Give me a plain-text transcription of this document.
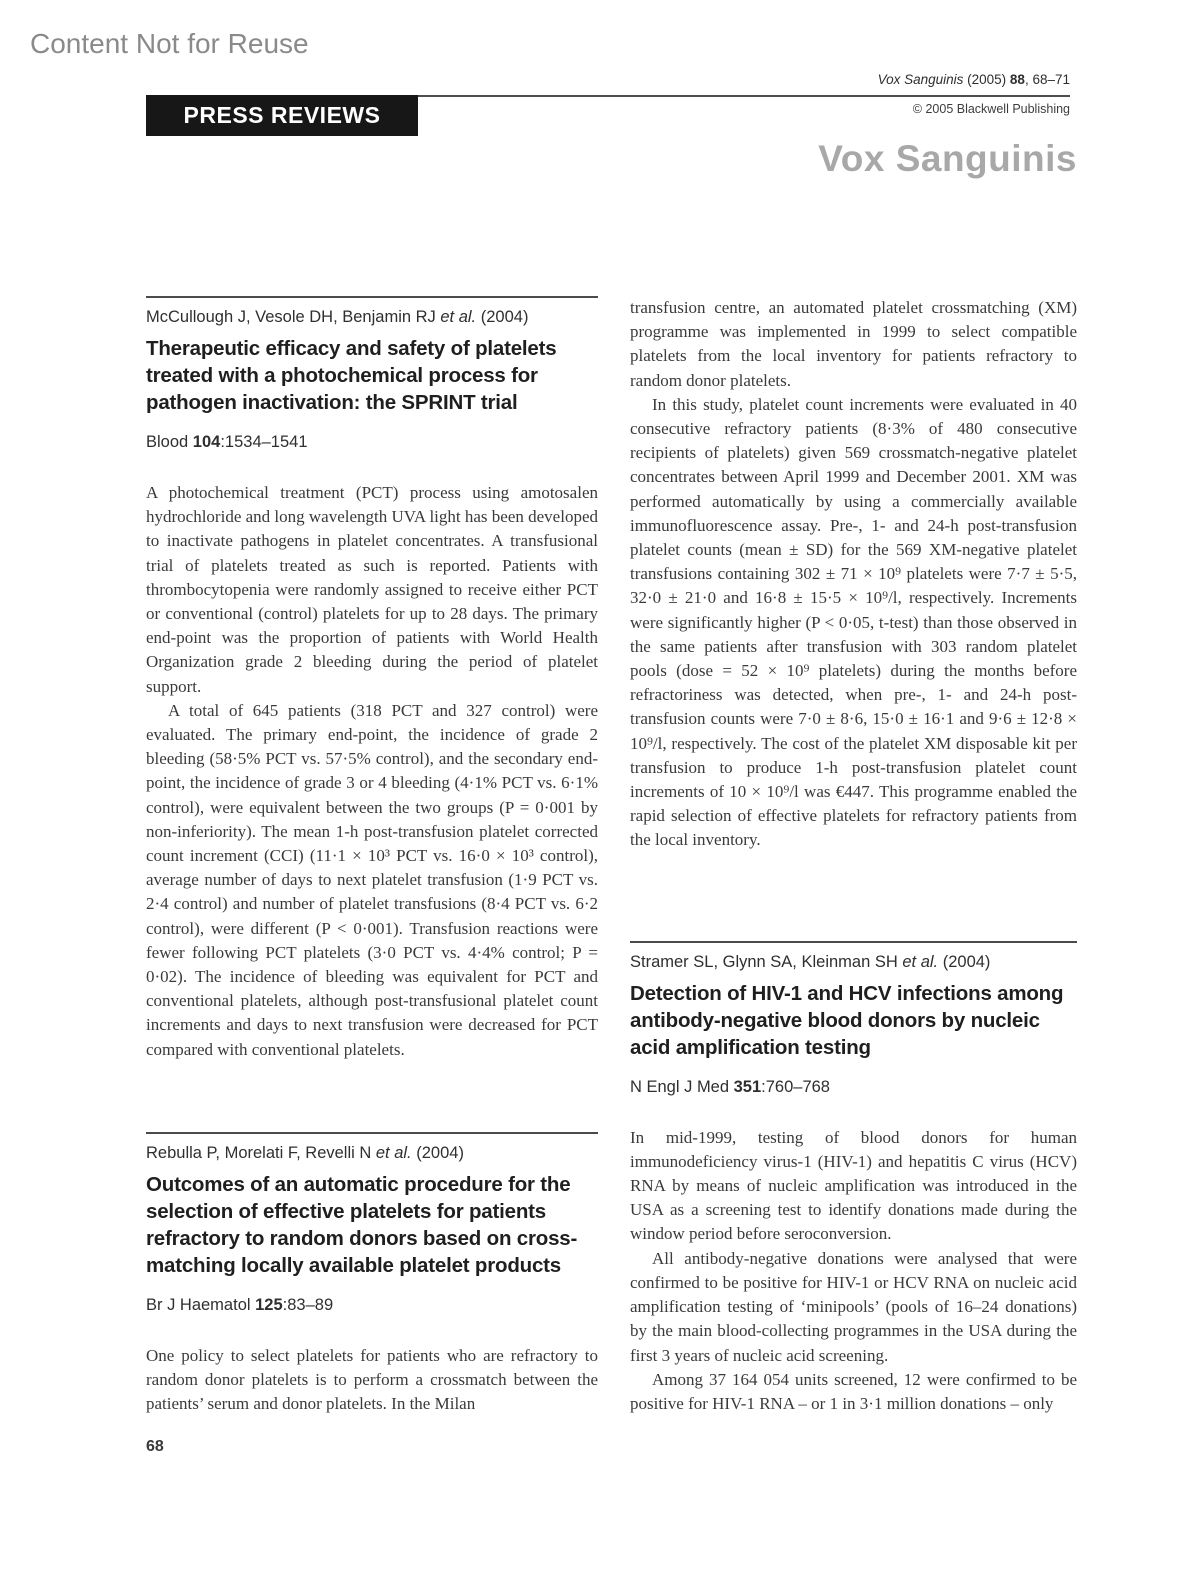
Content Not for Reuse
Vox Sanguinis (2005) 88, 68–71
PRESS REVIEWS	© 2005 Blackwell Publishing
Vox Sanguinis
McCullough J, Vesole DH, Benjamin RJ et al. (2004)
Therapeutic efficacy and safety of platelets treated with a photochemical process for pathogen inactivation: the SPRINT trial
Blood 104:1534–1541

A photochemical treatment (PCT) process using amotosalen hydrochloride and long wavelength UVA light has been developed to inactivate pathogens in platelet concentrates. A transfusional trial of platelets treated as such is reported. Patients with thrombocytopenia were randomly assigned to receive either PCT or conventional (control) platelets for up to 28 days. The primary end-point was the proportion of patients with World Health Organization grade 2 bleeding during the period of platelet support.

A total of 645 patients (318 PCT and 327 control) were evaluated. The primary end-point, the incidence of grade 2 bleeding (58·5% PCT vs. 57·5% control), and the secondary end-point, the incidence of grade 3 or 4 bleeding (4·1% PCT vs. 6·1% control), were equivalent between the two groups (P = 0·001 by non-inferiority). The mean 1-h post-transfusion platelet corrected count increment (CCI) (11·1 × 10³ PCT vs. 16·0 × 10³ control), average number of days to next platelet transfusion (1·9 PCT vs. 2·4 control) and number of platelet transfusions (8·4 PCT vs. 6·2 control), were different (P < 0·001). Transfusion reactions were fewer following PCT platelets (3·0 PCT vs. 4·4% control; P = 0·02). The incidence of bleeding was equivalent for PCT and conventional platelets, although post-transfusional platelet count increments and days to next transfusion were decreased for PCT compared with conventional platelets.

Rebulla P, Morelati F, Revelli N et al. (2004)
Outcomes of an automatic procedure for the selection of effective platelets for patients refractory to random donors based on cross-matching locally available platelet products
Br J Haematol 125:83–89

One policy to select platelets for patients who are refractory to random donor platelets is to perform a crossmatch between the patients’ serum and donor platelets. In the Milan

transfusion centre, an automated platelet crossmatching (XM) programme was implemented in 1999 to select compatible platelets from the local inventory for patients refractory to random donor platelets.

In this study, platelet count increments were evaluated in 40 consecutive refractory patients (8·3% of 480 consecutive recipients of platelets) given 569 crossmatch-negative platelet concentrates between April 1999 and December 2001. XM was performed automatically by using a commercially available immunofluorescence assay. Pre-, 1- and 24-h post-transfusion platelet counts (mean ± SD) for the 569 XM-negative platelet transfusions containing 302 ± 71 × 10⁹ platelets were 7·7 ± 5·5, 32·0 ± 21·0 and 16·8 ± 15·5 × 10⁹/l, respectively. Increments were significantly higher (P < 0·05, t-test) than those observed in the same patients after transfusion with 303 random platelet pools (dose = 52 × 10⁹ platelets) during the months before refractoriness was detected, when pre-, 1- and 24-h post-transfusion counts were 7·0 ± 8·6, 15·0 ± 16·1 and 9·6 ± 12·8 × 10⁹/l, respectively. The cost of the platelet XM disposable kit per transfusion to produce 1-h post-transfusion platelet count increments of 10 × 10⁹/l was €447. This programme enabled the rapid selection of effective platelets for refractory patients from the local inventory.

Stramer SL, Glynn SA, Kleinman SH et al. (2004)
Detection of HIV-1 and HCV infections among antibody-negative blood donors by nucleic acid amplification testing
N Engl J Med 351:760–768

In mid-1999, testing of blood donors for human immunodeficiency virus-1 (HIV-1) and hepatitis C virus (HCV) RNA by means of nucleic amplification was introduced in the USA as a screening test to identify donations made during the window period before seroconversion.

All antibody-negative donations were analysed that were confirmed to be positive for HIV-1 or HCV RNA on nucleic acid amplification testing of ‘minipools’ (pools of 16–24 donations) by the main blood-collecting programmes in the USA during the first 3 years of nucleic acid screening.

Among 37 164 054 units screened, 12 were confirmed to be positive for HIV-1 RNA – or 1 in 3·1 million donations – only

68
